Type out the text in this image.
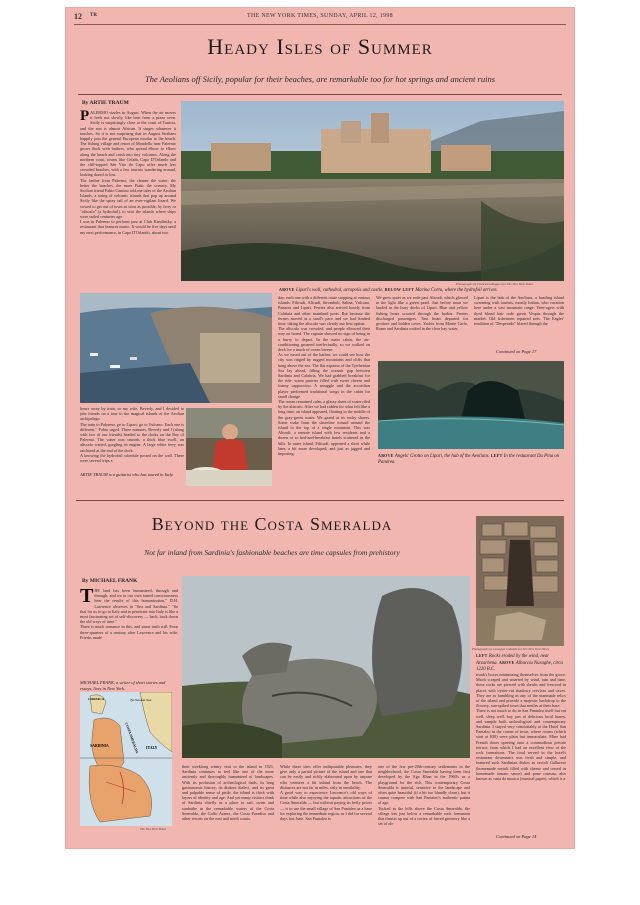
12 TR	THE NEW YORK TIMES, SUNDAY, APRIL 12, 1998
Heady Isles of Summer
The Aeolians off Sicily, popular for their beaches, are remarkable too for hot springs and ancient ruins
By ARTIE TRAUM
PALERMO sizzles in August. When the air moves it feels not slowly, like heat from a pizza oven. Sicily is surprisingly close to the coast of Tunisia, and the sun is almost African. It singes whatever it touches. So it is not surprising that in August Sicilians happily join the general European exodus to the beach. The fishing village and resort of Mondello near Palermo grows thick with bathers, who spread elbow to elbow along the beach and crash into tiny volcanos. Along the northern coast, towns like Cefalù, Capo D'Orlando and the cliff-topped San Vito do Capo offer much less crowded beaches, with a few tourists wandering around, looking dazed or lost.
The farther from Palermo, the cleaner the water; the better the beaches, the more Fiatic the scenery. My Sicilian friend Fabio Camino told me tales of the Aeolian Islands, a string of volcanic islands that pop up around Sicily like the spray tail of an ever-vigilant lizard. We vowed to get out of town as soon as possible, by ferry or "aliscafo" (a hydrofoil), to visit the islands where ships were sailed centuries ago.
I was in Palermo to perform jazz at Club Kandinsky, a restaurant that features music. It would be five days until my next performance, in Capo D'Orlando, about two
Photographs by Francesca Ruggeri for The New York Times
ABOVE Lipari's wall, cathedral, acropolis and castle. BELOW LEFT Marina Corta, where the hydrofoil arrives.
hours away by train, so my wife, Beverly, and I decided to join friends on a tour to the magical islands of the Aeolian archipelago.
The train to Palermo, go to Lipari; go to Vulcano. Each one is different," Fabio urged. Three minutes, Beverly and I (along with two of our friends) headed to the docks on the Bay of Palermo. The water was smooth, a thick blue swell; an aliscafo waited, gurgling its engine. A large white ferry was anchored at the end of the dock.
A knowing the hydrofoil schedule posted on the wall. There were several trips a
ARTIE TRAUM is a guitarist who has toured in Italy.
day, each one with a different route stopping at various islands: Filicudi, Alicudi, Stromboli, Salina, Vulcano, Panarea and Lipari. Ferries also arrived hourly from Calabria and other mainland ports. But because the ferries moved at a snail's pace and we had limited time, taking the aliscafo was clearly our best option.
The aliscafo was crowded, and people elbowed their way on board. The captain showed no sign of being in a hurry to depart. In the main cabin, the air-conditioning groaned ineffectually, so we walked on deck for a touch of ocean breeze.
As we eased out of the harbor, we could see how the city was ringed by rugged mountains and cliffs that hang above the sea. The flat expanse of the Tyrrhenian Sea lay ahead, filling the oceanic gap between Sardinia and Calabria. We had grabbed breakfast for the ride: warm pastries filled with sweet cheese and foamy cappuccino. A smuggle and the accordion player performed traditional songs in the cabin for small change.
The ocean remained calm, a glassy sheet of water riled by the aliscafo. After we had ridden for what felt like a long time, an island appeared, floating in the middle of the gray-green water. We gazed at its rocky shores. Some wake from the shoreline wound around the island to the top of a single mountain. This was Alicudi, a remote island with few residents and a dozen or so bed-and-breakfast hotels scattered in the hills. In outer island, Filicudi, appeared a short while later, a bit more developed, and just as jagged and imposing.
We grew quiet as we rode past Alicudi, which glowed in the light like a green pearl. Just before noon we landed in the busy docks of Lipari. Blue and yellow fishing boats scooted through the harbor. Ferries discharged passengers. Taxi boats departed for grottoes and hidden coves. Yachts from Monte Carlo, Rome and Sardinia rocked in the clear bay water.
Lipari is the hub of the Aeolians, a bustling island swarming with tourists, mostly Italian, who vacation here under a vast mountain range. Teen-agers with dyed blond hair rode green Vespas through the market. Old fishermen repaired nets. The Eagles' rendition of "Desperado" blared through the
Continued on Page 17
ABOVE Angels' Grotto on Lipari, the hub of the Aeolians. LEFT In the restaurant Da Pina on Panarea.
Beyond the Costa Smeralda
Not far inland from Sardinia's fashionable beaches are time capsules from prehistory
Photographs by Giuseppe Cubeddu for The New York Times
LEFT Rocks eroded by the wind, near Arzachena. ABOVE Albucciu Nuraghe, circa 1220 B.C.
By MICHAEL FRANK
THE land has been humanized, through and through, and we in our own tamed consciousness hear the results of this humanization," D.H. Lawrence observes in "Sea and Sardinia." "So that for us to go to Italy and to penetrate into Italy is like a most fascinating act of self-discovery — back, back down the old ways of time."
There is much romance in this, and some truth still. Even three-quarters of a century after Lawrence and his wife, Frieda, made
MICHAEL FRANK, a writer of short stories and essays, lives in New York.
CORSICA	Tyrrhenian Sea
SARDINIA	COSTA SMERALDA ITALY
The New York Times
their weeklong wintry visit to the island in 1921, Sardinia continues to feel like one of the more anciently and thoroughly humanized of landscapes. With its profusion of archeological finds, its long gastronomic history, its distinct dialect, and its great and palpable sense of pride, the island is thick with layers of identity and age. And yet many visitors think of Sardinia chiefly as a place to sail, swim and sunbathe in the remarkable waters of the Costa Smeralda, the Golfo Aranci, the Costa Paradiso and other resorts on the east and north coasts.
While these sites offer indisputable pleasures, they give only a partial picture of the island and one that can be easily and richly elaborated upon by anyone who ventures a bit inland from the beach. The distances are not far in miles, only in sensibility.
A good way to experience Lawrence's old ways of time while also enjoying the aquatic attractions of the Costa Smeralda — but without paying its hefty prices — is to use the small village of San Pantaleo as a base for exploring the immediate region, as I did for several days last June. San Pantaleo is
one of the few pre-20th-century settlements in the neighborhood, the Costa Smeralda having been first developed by the Aga Khan in the 1960's as a playground for the rich. This contemporary Costa Smeralda is tasteful, sensitive to the landscape and often quite beautiful (if a bit too blandly clean), but it cannot compete with San Pantaleo's authentic patina of age.
Tucked in the hills above the Costa Smeralda, the village lies just below a remarkable rock formation that thrusts up out of a cortex of furred greenery like a set of ob-
trunk's boxes minimizing themselves from the grove. Much scraped and smarted by wind, rain and time, these rocks are pierced with shrubs and frescoed in places with oyster-cut shadowy crevices and caves. They are as humbling as any of the manmade relics of the island and provide a majestic backdrop to the flowery, sun-spiked town that nestles at their base.
There is not much to do in San Pantaleo itself but eat well, sleep well, buy jars of delicious local honey, and sample both archeological and contemporary Sardinia. I stayed very comfortably at the Hotel San Pantaleo in the corner of town, where rooms (which start at $30) were plain but immaculate. Mine had French doors opening onto a commodious private terrace, from which I had an excellent view of the rock formations. The food served in the hotel's restaurant downstairs was fresh and simple, and featured such Sardinian dishes as ravioli Gallurese (homemade ravioli filled with cheese and tossed in homemade tomato sauce) and pane carasau, also known as carta da musica (musical paper), which is a
Continued on Page 14
